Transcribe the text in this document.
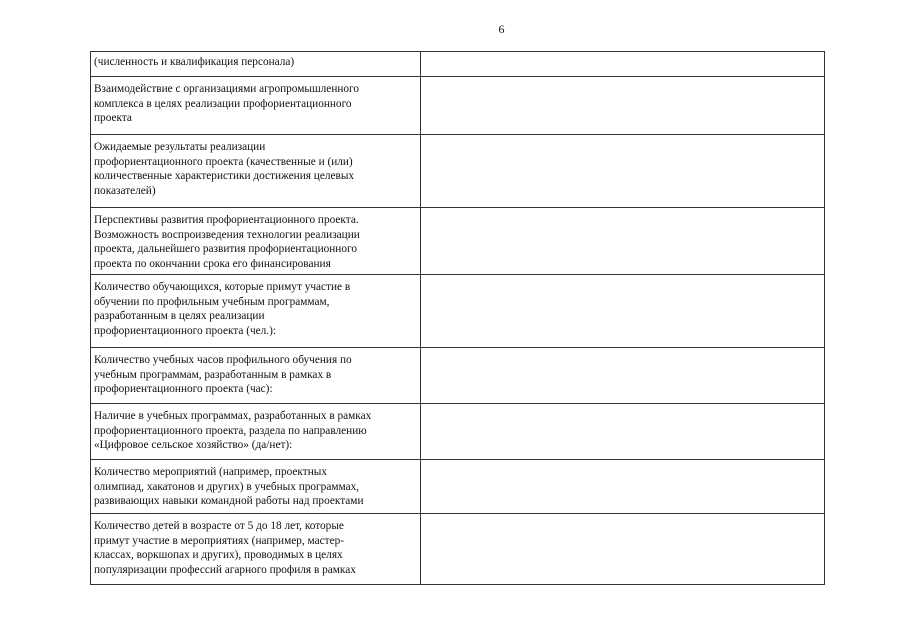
6
(численность и квалификация персонала)	

Взаимодействие с организациями агропромышленного
комплекса в целях реализации профориентационного
проекта	

Ожидаемые результаты реализации
профориентационного проекта (качественные и (или)
количественные характеристики достижения целевых
показателей)	

Перспективы развития профориентационного проекта.
Возможность воспроизведения технологии реализации
проекта, дальнейшего развития профориентационного
проекта по окончании срока его финансирования	

Количество обучающихся, которые примут участие в
обучении по профильным учебным программам,
разработанным в целях реализации
профориентационного проекта (чел.):	

Количество учебных часов профильного обучения по
учебным программам, разработанным в рамках в
профориентационного проекта (час):	

Наличие в учебных программах, разработанных в рамках
профориентационного проекта, раздела по направлению
«Цифровое сельское хозяйство» (да/нет):	

Количество мероприятий (например, проектных
олимпиад, хакатонов и других) в учебных программах,
развивающих навыки командной работы над проектами	

Количество детей в возрасте от 5 до 18 лет, которые
примут участие в мероприятиях (например, мастер-
классах, воркшопах и других), проводимых в целях
популяризации профессий агарного профиля в рамках	
